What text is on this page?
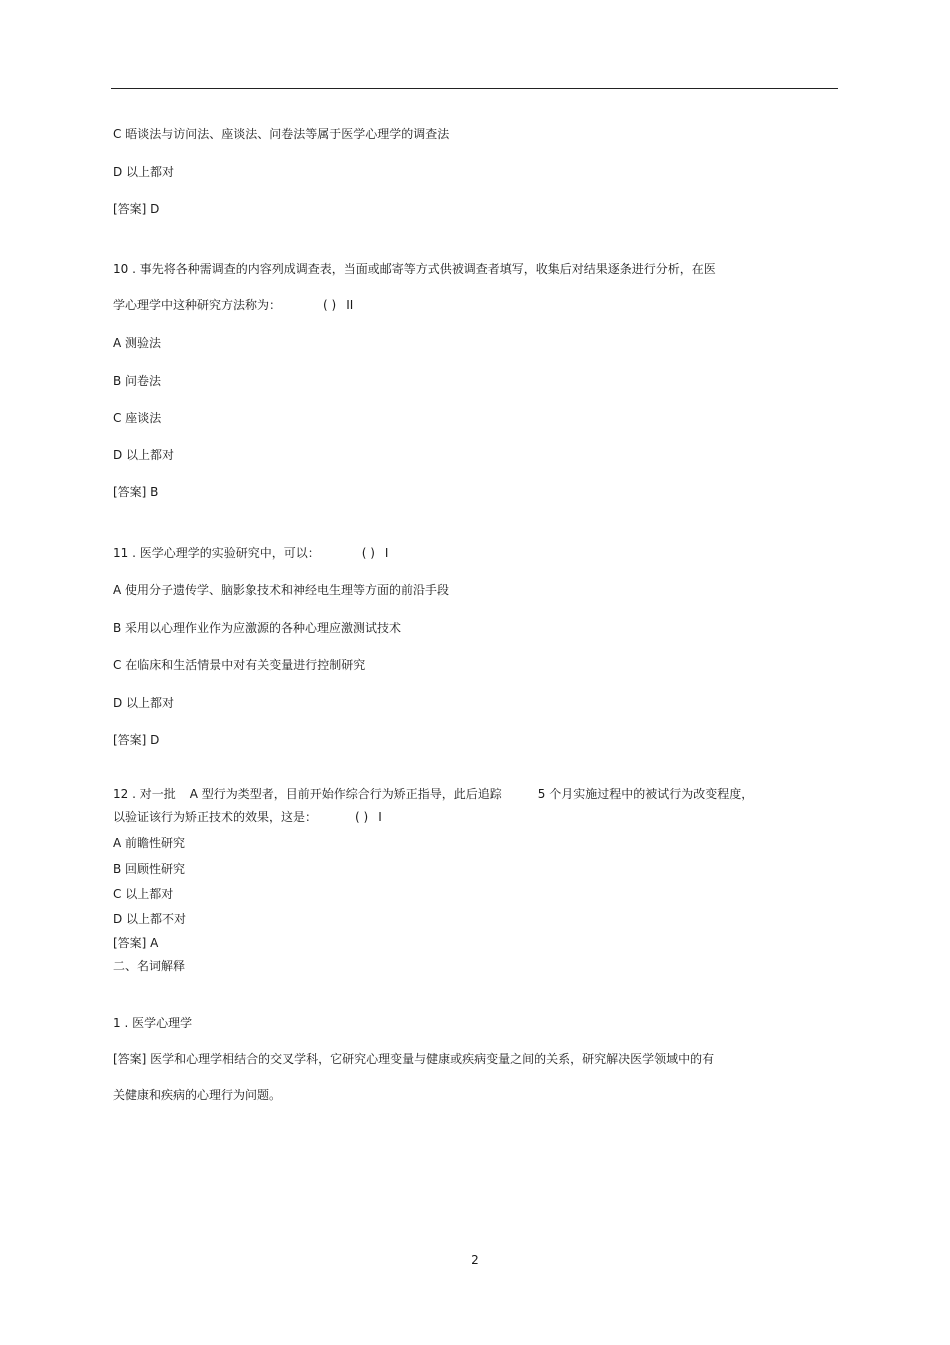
C 晤谈法与访问法、座谈法、问卷法等属于医学心理学的调查法
D 以上都对
[答案] D
10 . 事先将各种需调查的内容列成调查表，当面或邮寄等方式供被调查者填写，收集后对结果逐条进行分析，在医
学心理学中这种研究方法称为：	( ) II
A 测验法
B 问卷法
C 座谈法
D 以上都对
[答案] B
11 . 医学心理学的实验研究中，可以：	( ) I
A 使用分子遗传学、脑影象技术和神经电生理等方面的前沿手段
B 采用以心理作业作为应激源的各种心理应激测试技术
C 在临床和生活情景中对有关变量进行控制研究
D 以上都对
[答案] D
12 . 对一批 A 型行为类型者，目前开始作综合行为矫正指导，此后追踪	5 个月实施过程中的被试行为改变程度，
以验证该行为矫正技术的效果，这是：	( ) I
A 前瞻性研究
B 回顾性研究
C 以上都对
D 以上都不对
[答案] A
二、名词解释
1 . 医学心理学
[答案] 医学和心理学相结合的交叉学科，它研究心理变量与健康或疾病变量之间的关系，研究解决医学领域中的有
关健康和疾病的心理行为问题。
2
